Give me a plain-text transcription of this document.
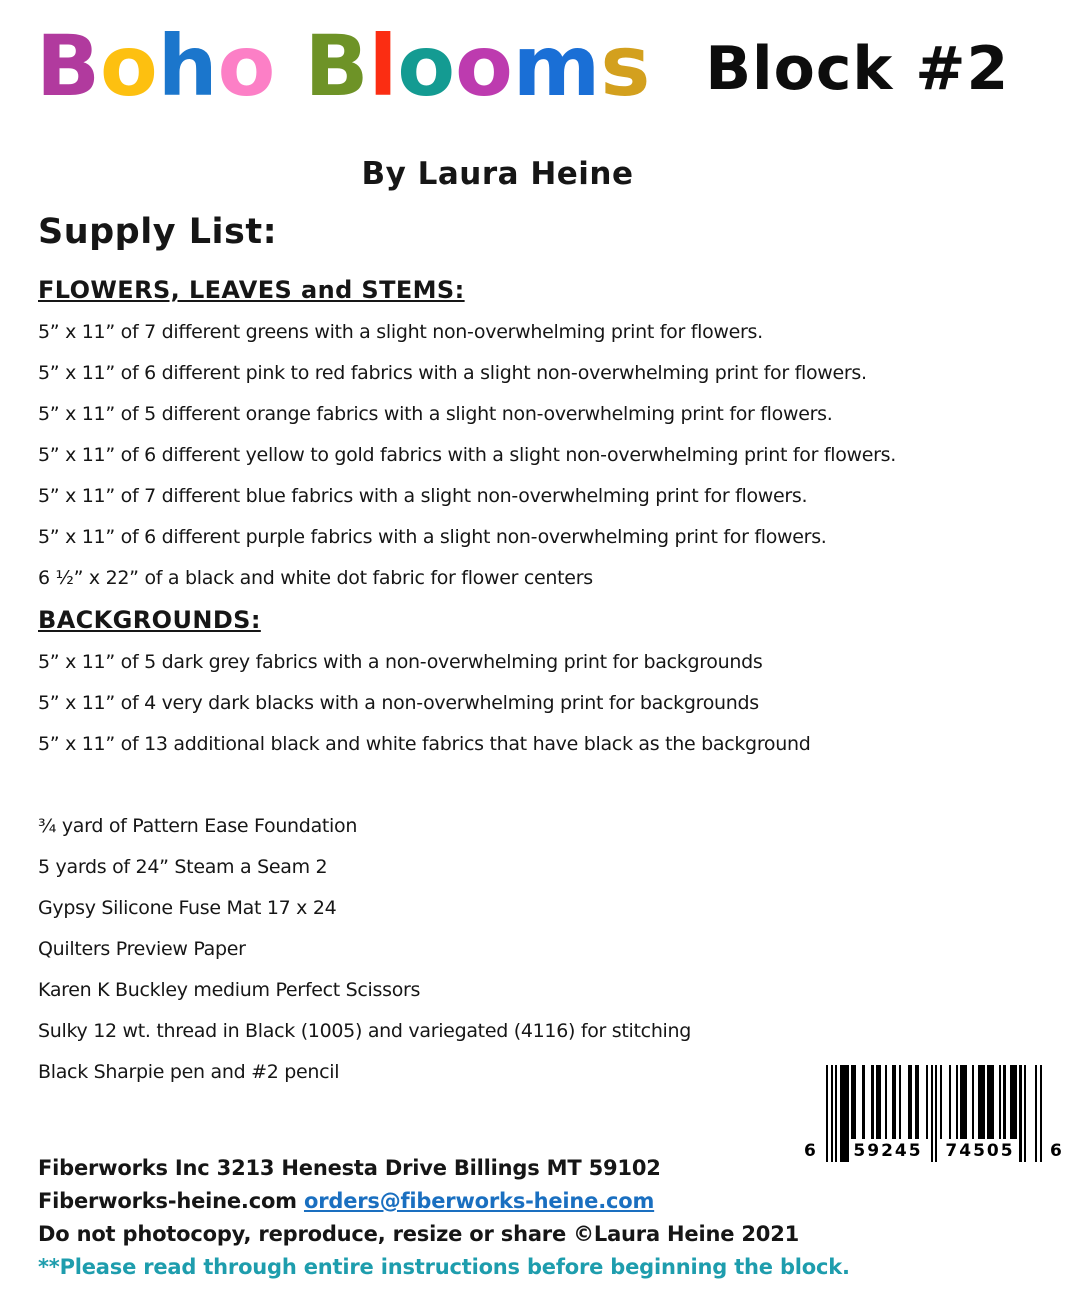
Boho Blooms Block #2
By Laura Heine
Supply List:
FLOWERS, LEAVES and STEMS:
5” x 11” of 7 different greens with a slight non-overwhelming print for flowers.
5” x 11” of 6 different pink to red fabrics with a slight non-overwhelming print for flowers.
5” x 11” of 5 different orange fabrics with a slight non-overwhelming print for flowers.
5” x 11” of 6 different yellow to gold fabrics with a slight non-overwhelming print for flowers.
5” x 11” of 7 different blue fabrics with a slight non-overwhelming print for flowers.
5” x 11” of 6 different purple fabrics with a slight non-overwhelming print for flowers.
6 ½” x 22” of a black and white dot fabric for flower centers
BACKGROUNDS:
5” x 11” of 5 dark grey fabrics with a non-overwhelming print for backgrounds
5” x 11” of 4 very dark blacks with a non-overwhelming print for backgrounds
5” x 11” of 13 additional black and white fabrics that have black as the background
¾ yard of Pattern Ease Foundation
5 yards of 24” Steam a Seam 2
Gypsy Silicone Fuse Mat 17 x 24
Quilters Preview Paper
Karen K Buckley medium Perfect Scissors
Sulky 12 wt. thread in Black (1005) and variegated (4116) for stitching
Black Sharpie pen and #2 pencil
6 59245 74505 6
Fiberworks Inc 3213 Henesta Drive Billings MT 59102
Fiberworks-heine.com orders@fiberworks-heine.com
Do not photocopy, reproduce, resize or share ©Laura Heine 2021
**Please read through entire instructions before beginning the block.
